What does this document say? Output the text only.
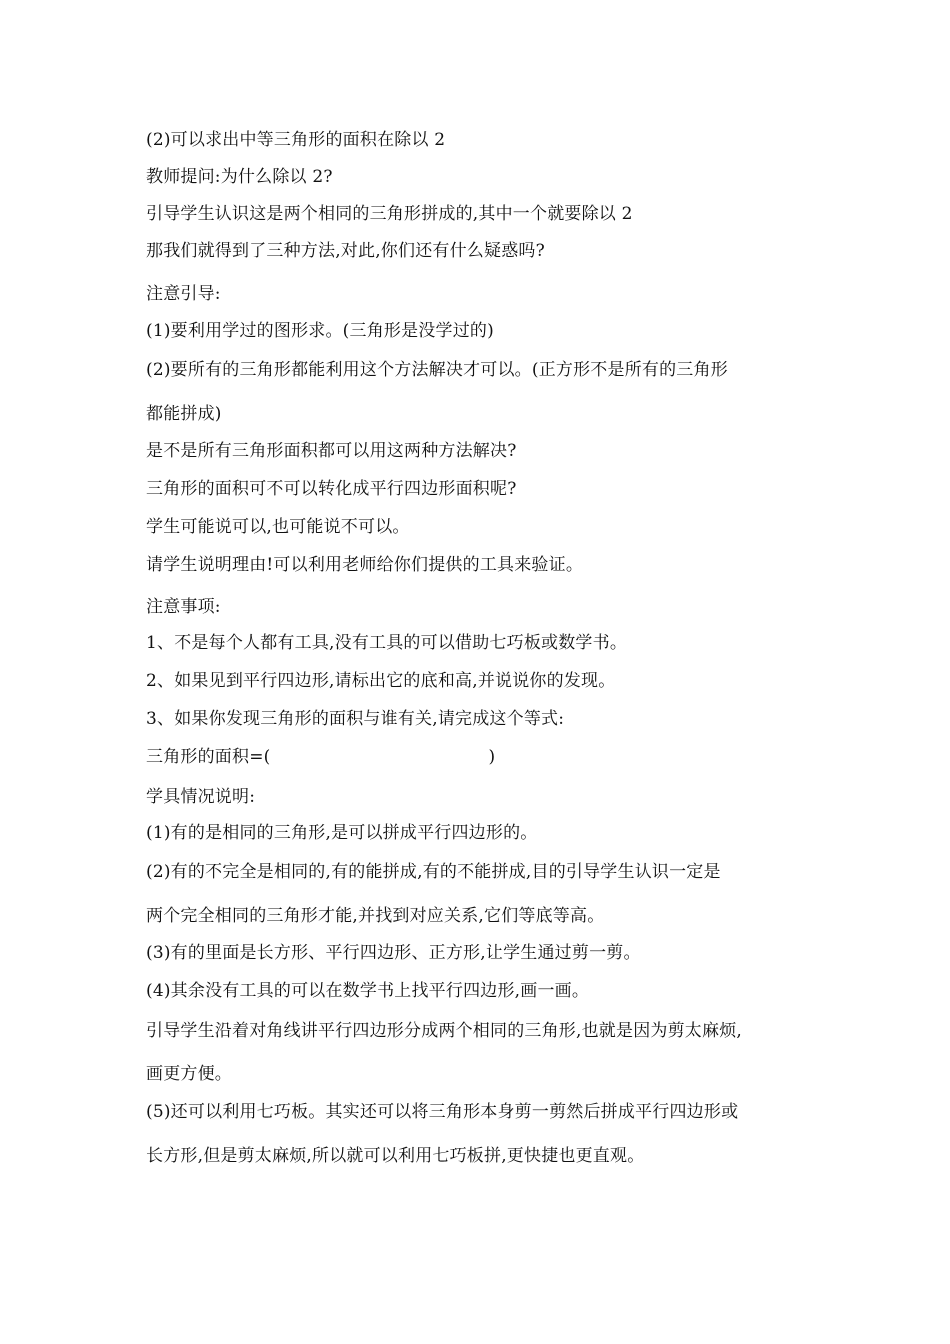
(2)可以求出中等三角形的面积在除以 2
教师提问:为什么除以 2?
引导学生认识这是两个相同的三角形拼成的,其中一个就要除以 2
那我们就得到了三种方法,对此,你们还有什么疑惑吗?
注意引导:
(1)要利用学过的图形求。(三角形是没学过的)
(2)要所有的三角形都能利用这个方法解决才可以。(正方形不是所有的三角形
都能拼成)
是不是所有三角形面积都可以用这两种方法解决?
三角形的面积可不可以转化成平行四边形面积呢?
学生可能说可以,也可能说不可以。
请学生说明理由!可以利用老师给你们提供的工具来验证。
注意事项:
1、不是每个人都有工具,没有工具的可以借助七巧板或数学书。
2、如果见到平行四边形,请标出它的底和高,并说说你的发现。
3、如果你发现三角形的面积与谁有关,请完成这个等式:
三角形的面积=(	)
学具情况说明:
(1)有的是相同的三角形,是可以拼成平行四边形的。
(2)有的不完全是相同的,有的能拼成,有的不能拼成,目的引导学生认识一定是
两个完全相同的三角形才能,并找到对应关系,它们等底等高。
(3)有的里面是长方形、平行四边形、正方形,让学生通过剪一剪。
(4)其余没有工具的可以在数学书上找平行四边形,画一画。
引导学生沿着对角线讲平行四边形分成两个相同的三角形,也就是因为剪太麻烦,
画更方便。
(5)还可以利用七巧板。其实还可以将三角形本身剪一剪然后拼成平行四边形或
长方形,但是剪太麻烦,所以就可以利用七巧板拼,更快捷也更直观。
